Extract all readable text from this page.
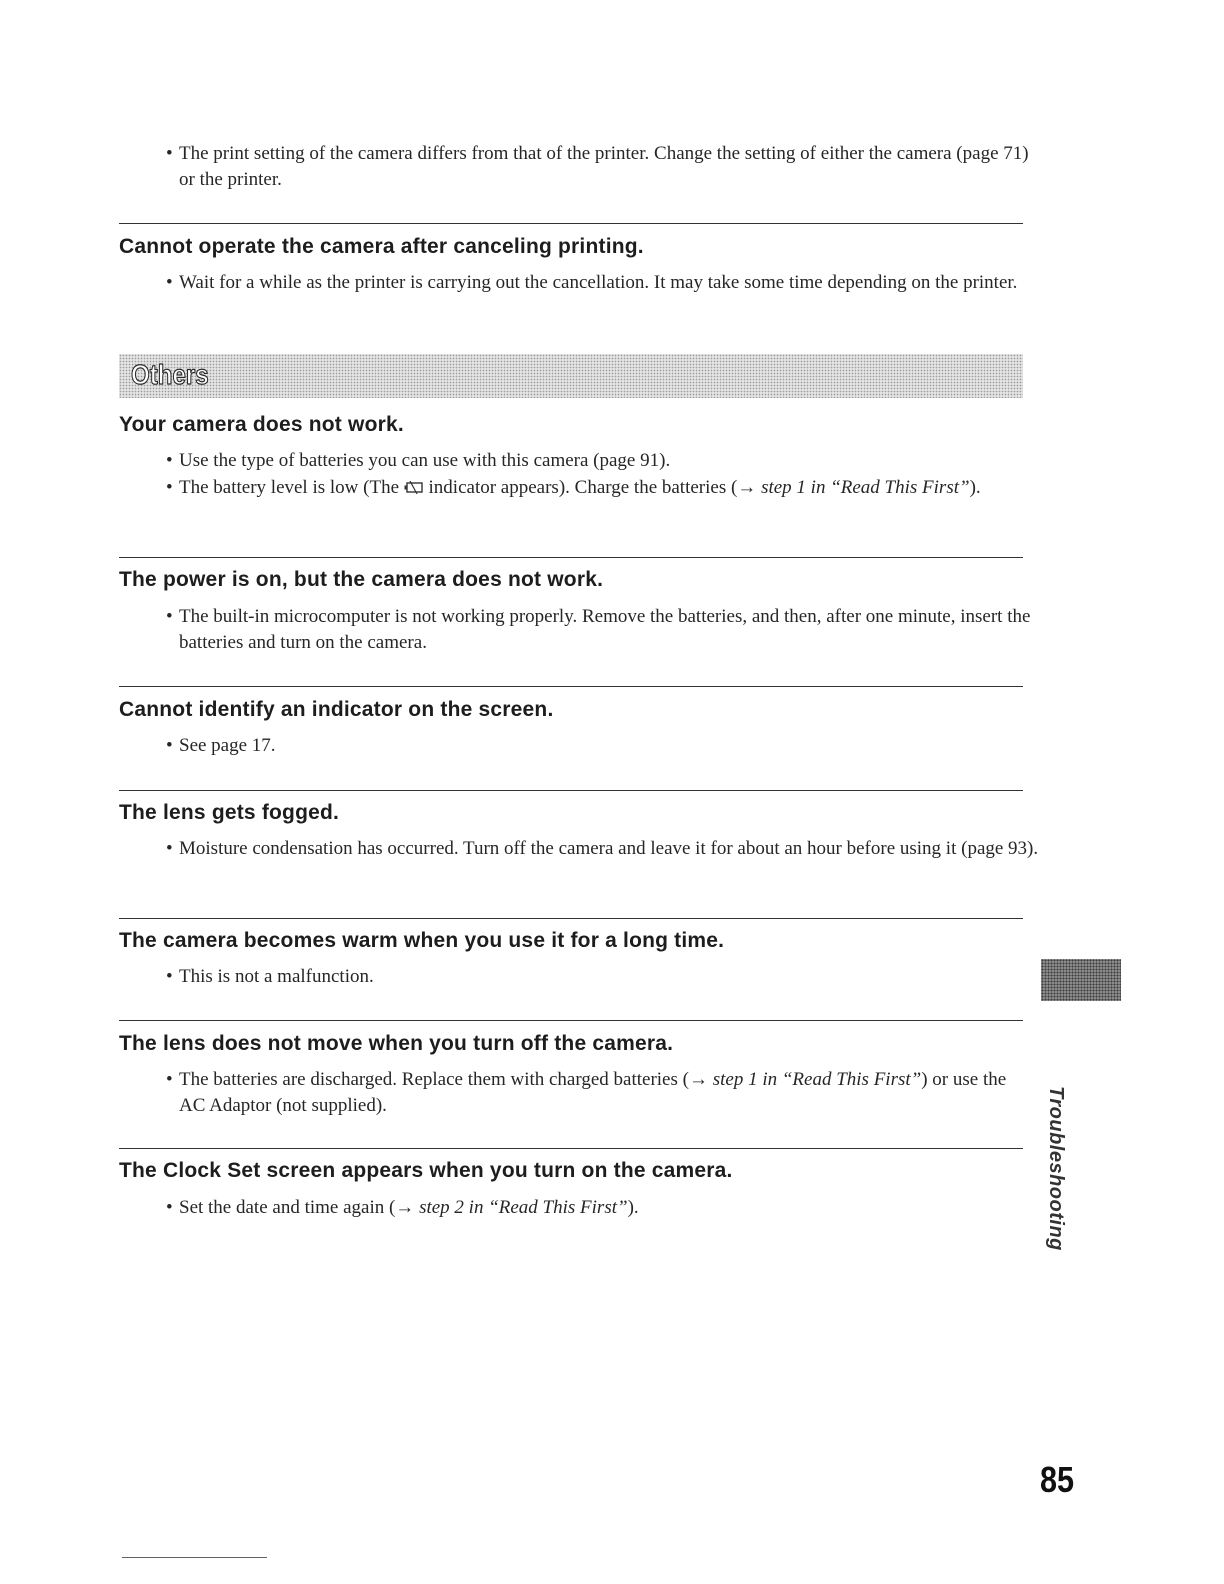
• The print setting of the camera differs from that of the printer. Change the setting of either the camera (page 71) or the printer.
Cannot operate the camera after canceling printing.
• Wait for a while as the printer is carrying out the cancellation. It may take some time depending on the printer.
Others
Your camera does not work.
• Use the type of batteries you can use with this camera (page 91).
• The battery level is low (The indicator appears). Charge the batteries (→ step 1 in “Read This First”).
The power is on, but the camera does not work.
• The built-in microcomputer is not working properly. Remove the batteries, and then, after one minute, insert the batteries and turn on the camera.
Cannot identify an indicator on the screen.
• See page 17.
The lens gets fogged.
• Moisture condensation has occurred. Turn off the camera and leave it for about an hour before using it (page 93).
The camera becomes warm when you use it for a long time.
• This is not a malfunction.
The lens does not move when you turn off the camera.
• The batteries are discharged. Replace them with charged batteries (→ step 1 in “Read This First”) or use the AC Adaptor (not supplied).
The Clock Set screen appears when you turn on the camera.
• Set the date and time again (→ step 2 in “Read This First”).	Troubleshooting
85
